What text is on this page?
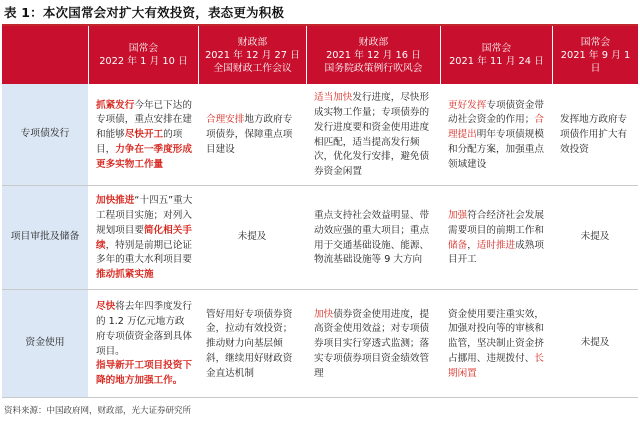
表 1：本次国常会对扩大有效投资，表态更为积极
国常会
2022 年 1 月 10 日
财政部
2021 年 12 月 27 日
全国财政工作会议
财政部
2021 年 12 月 16 日
国务院政策例行吹风会
国常会
2021 年 11 月 24 日
国常会
2021 年 9 月 1 日
专项债发行
抓紧发行今年已下达的专项债，重点安排在建和能够尽快开工的项目，力争在一季度形成更多实物工作量
合理安排地方政府专项债券，保障重点项目建设
适当加快发行进度，尽快形成实物工作量；专项债券的发行进度要和资金使用进度相匹配，适当提高发行频次，优化发行安排，避免债券资金闲置
更好发挥专项债资金带动社会资金的作用；合理提出明年专项债规模和分配方案，加强重点领域建设
发挥地方政府专项债作用扩大有效投资
项目审批及储备
加快推进“十四五”重大工程项目实施；对列入规划项目要简化相关手续，特别是前期已论证多年的重大水利项目要推动抓紧实施
未提及
重点支持社会效益明显、带动效应强的重大项目；重点用于交通基础设施、能源、物流基础设施等 9 大方向
加强符合经济社会发展需要项目的前期工作和储备，适时推进成熟项目开工
未提及
资金使用
尽快将去年四季度发行的 1.2 万亿元地方政府专项债资金落到具体项目。
指导新开工项目投资下降的地方加强工作。
管好用好专项债券资金，拉动有效投资；推动财力向基层倾斜，继续用好财政资金直达机制
加快债券资金使用进度，提高资金使用效益；对专项债券项目实行穿透式监测；落实专项债券项目资金绩效管理
资金使用要注重实效，加强对投向等的审核和监管，坚决制止资金挤占挪用、违规拨付、长期闲置
未提及
资料来源：中国政府网，财政部，光大证券研究所
